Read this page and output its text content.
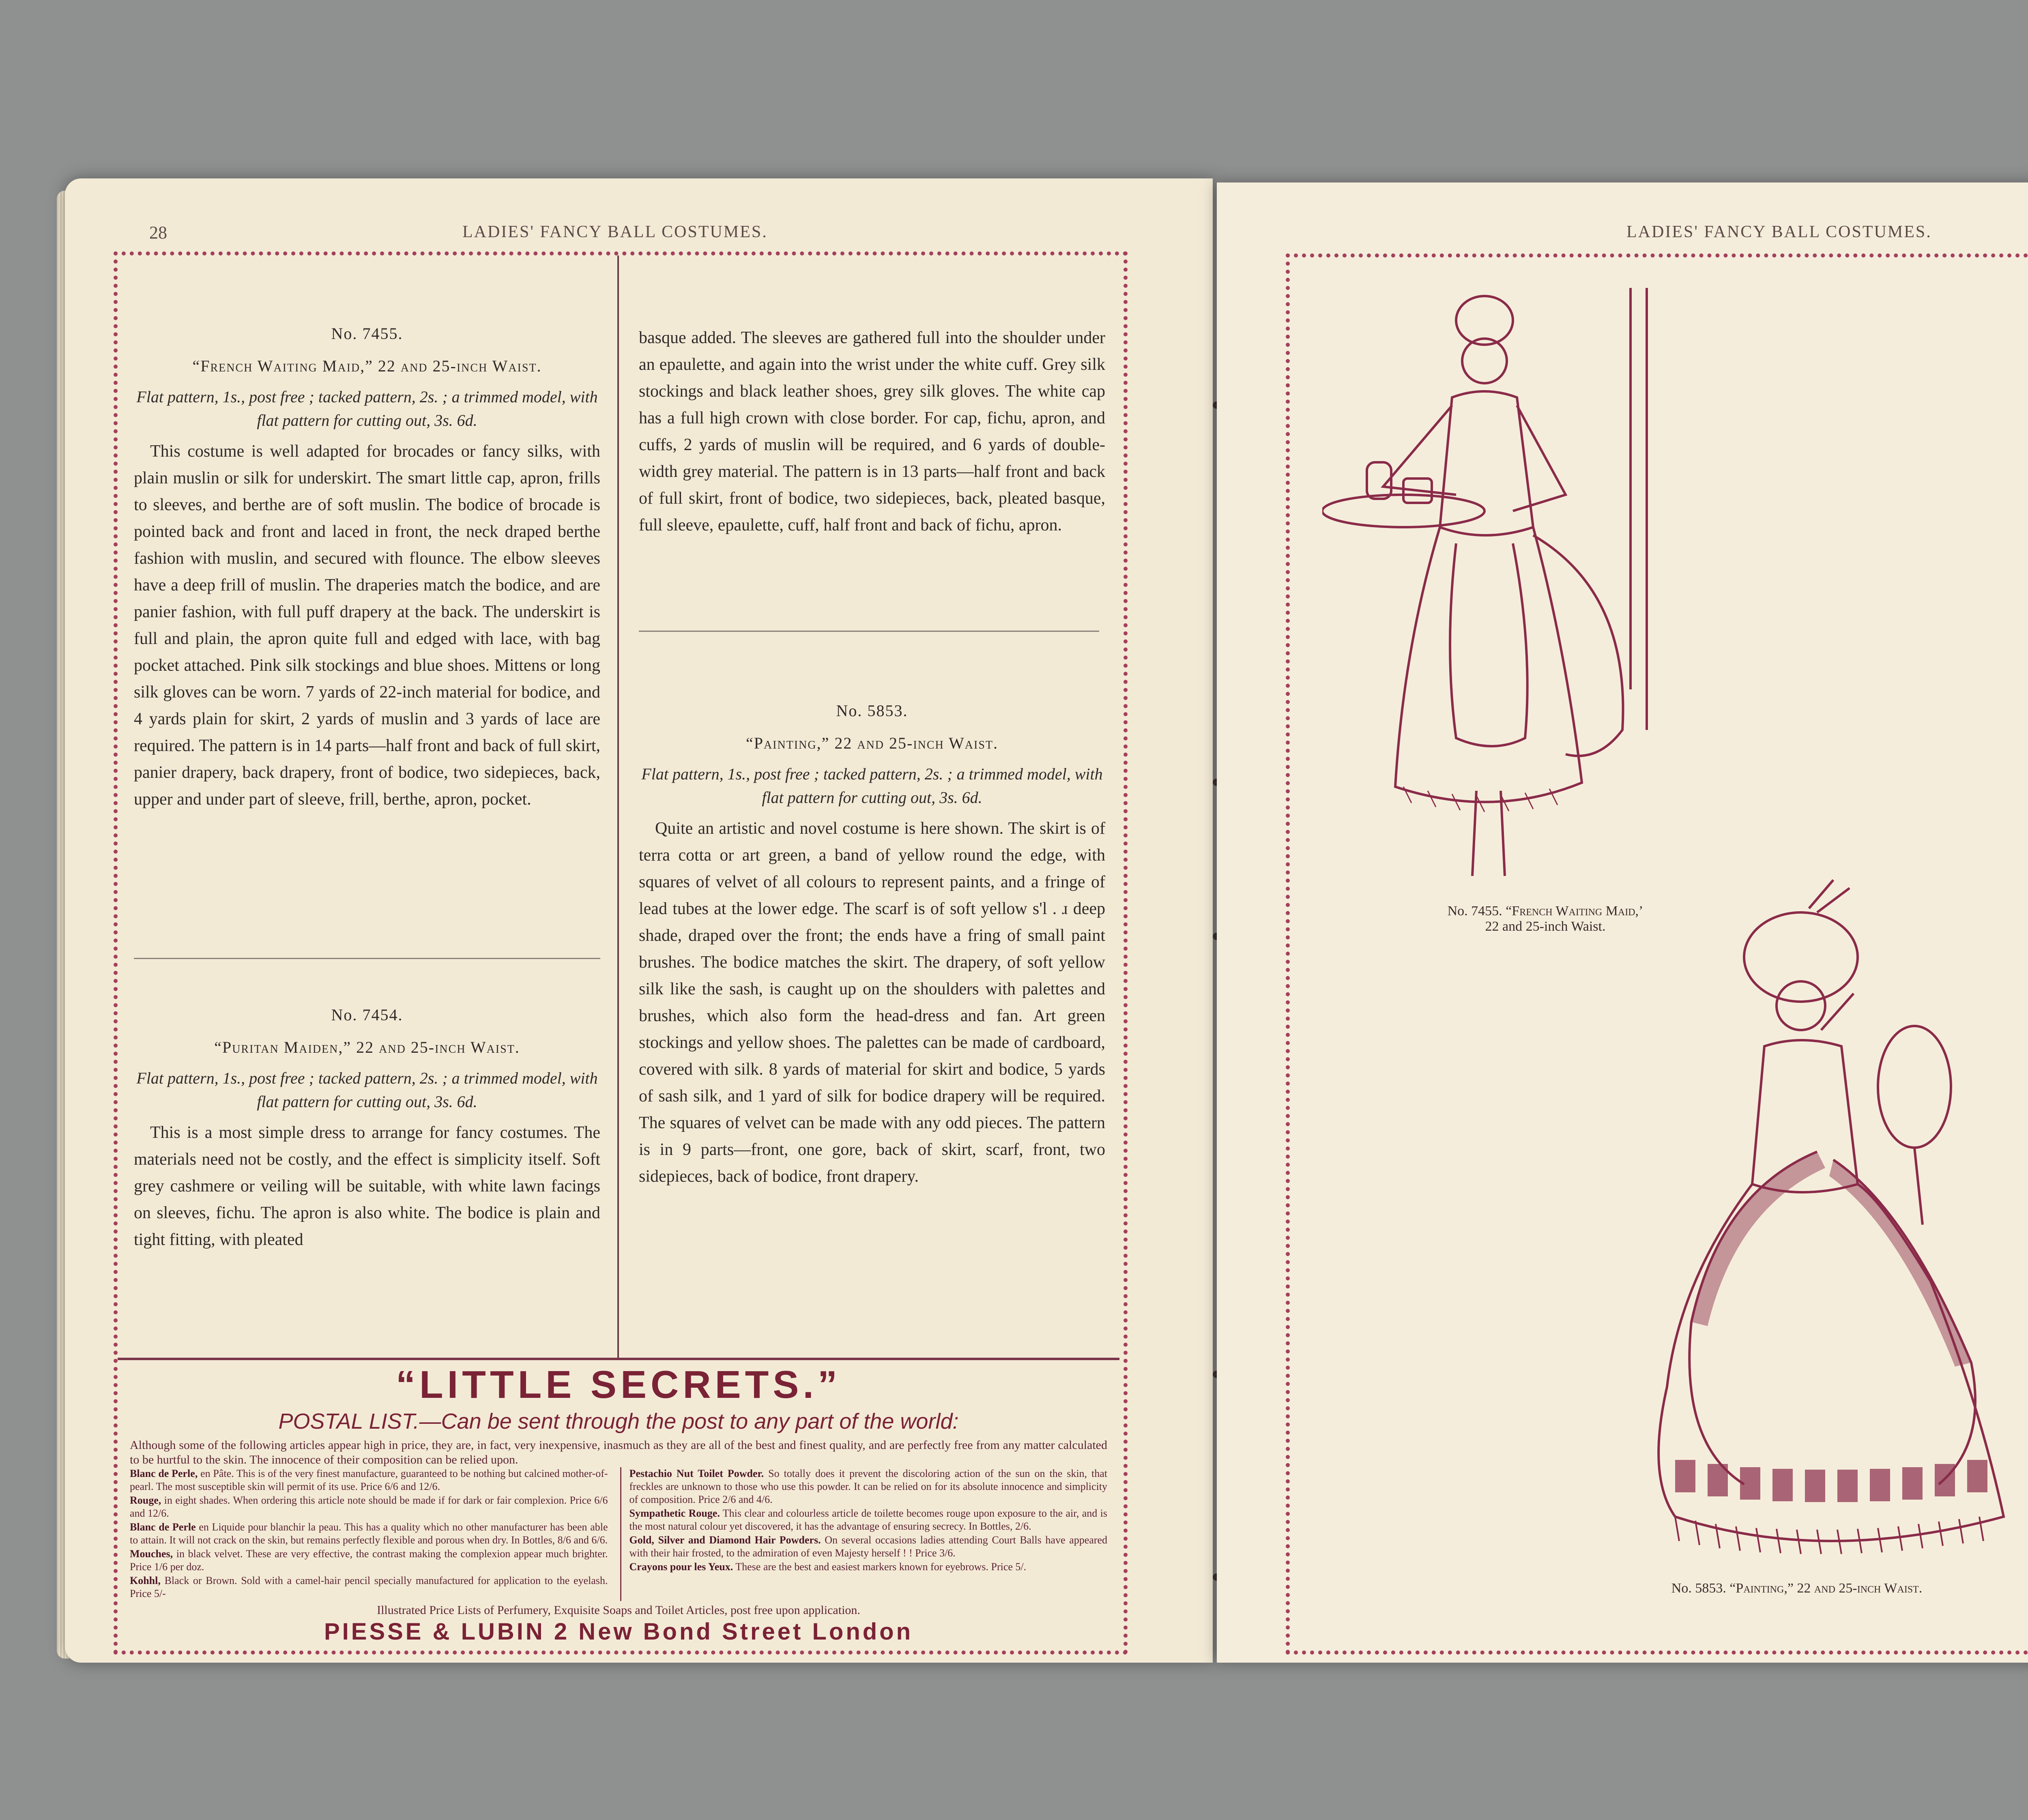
28	LADIES' FANCY BALL COSTUMES.
No. 7455.
“French Waiting Maid,” 22 and 25-inch Waist.
Flat pattern, 1s., post free ; tacked pattern, 2s. ; a trimmed model, with flat pattern for cutting out, 3s. 6d.
This costume is well adapted for brocades or fancy silks, with plain muslin or silk for underskirt. The smart little cap, apron, frills to sleeves, and berthe are of soft muslin. The bodice of brocade is pointed back and front and laced in front, the neck draped berthe fashion with muslin, and secured with flounce. The elbow sleeves have a deep frill of muslin. The draperies match the bodice, and are panier fashion, with full puff drapery at the back. The underskirt is full and plain, the apron quite full and edged with lace, with bag pocket attached. Pink silk stockings and blue shoes. Mittens or long silk gloves can be worn. 7 yards of 22-inch material for bodice, and 4 yards plain for skirt, 2 yards of muslin and 3 yards of lace are required. The pattern is in 14 parts—half front and back of full skirt, panier drapery, back drapery, front of bodice, two sidepieces, back, upper and under part of sleeve, frill, berthe, apron, pocket.
No. 7454.
“Puritan Maiden,” 22 and 25-inch Waist.
Flat pattern, 1s., post free ; tacked pattern, 2s. ; a trimmed model, with flat pattern for cutting out, 3s. 6d.
This is a most simple dress to arrange for fancy costumes. The materials need not be costly, and the effect is simplicity itself. Soft grey cashmere or veiling will be suitable, with white lawn facings on sleeves, fichu. The apron is also white. The bodice is plain and tight fitting, with pleated
basque added. The sleeves are gathered full into the shoulder under an epaulette, and again into the wrist under the white cuff. Grey silk stockings and black leather shoes, grey silk gloves. The white cap has a full high crown with close border. For cap, fichu, apron, and cuffs, 2 yards of muslin will be required, and 6 yards of double-width grey material. The pattern is in 13 parts—half front and back of full skirt, front of bodice, two sidepieces, back, pleated basque, full sleeve, epaulette, cuff, half front and back of fichu, apron.
No. 5853.
“Painting,” 22 and 25-inch Waist.
Flat pattern, 1s., post free ; tacked pattern, 2s. ; a trimmed model, with flat pattern for cutting out, 3s. 6d.
Quite an artistic and novel costume is here shown. The skirt is of terra cotta or art green, a band of yellow round the edge, with squares of velvet of all colours to represent paints, and a fringe of lead tubes at the lower edge. The scarf is of soft yellow s'l . ɹ deep shade, draped over the front; the ends have a fring of small paint brushes. The bodice matches the skirt. The drapery, of soft yellow silk like the sash, is caught up on the shoulders with palettes and brushes, which also form the head-dress and fan. Art green stockings and yellow shoes. The palettes can be made of cardboard, covered with silk. 8 yards of material for skirt and bodice, 5 yards of sash silk, and 1 yard of silk for bodice drapery will be required. The squares of velvet can be made with any odd pieces. The pattern is in 9 parts—front, one gore, back of skirt, scarf, front, two sidepieces, back of bodice, front drapery.
“LITTLE SECRETS.”
POSTAL LIST.—Can be sent through the post to any part of the world:
Although some of the following articles appear high in price, they are, in fact, very inexpensive, inasmuch as they are all of the best and finest quality, and are perfectly free from any matter calculated to be hurtful to the skin. The innocence of their composition can be relied upon.
Blanc de Perle, en Pâte. This is of the very finest manufacture, guaranteed to be nothing but calcined mother-of-pearl. The most susceptible skin will permit of its use. Price 6/6 and 12/6.
Rouge, in eight shades. When ordering this article note should be made if for dark or fair complexion. Price 6/6 and 12/6.
Blanc de Perle en Liquide pour blanchir la peau. This has a quality which no other manufacturer has been able to attain. It will not crack on the skin, but remains perfectly flexible and porous when dry. In Bottles, 8/6 and 6/6.
Mouches, in black velvet. These are very effective, the contrast making the complexion appear much brighter. Price 1/6 per doz.
Kohhl, Black or Brown. Sold with a camel-hair pencil specially manufactured for application to the eyelash. Price 5/-
Pestachio Nut Toilet Powder. So totally does it prevent the discoloring action of the sun on the skin, that freckles are unknown to those who use this powder. It can be relied on for its absolute innocence and simplicity of composition. Price 2/6 and 4/6.
Sympathetic Rouge. This clear and colourless article de toilette becomes rouge upon exposure to the air, and is the most natural colour yet discovered, it has the advantage of ensuring secrecy. In Bottles, 2/6.
Gold, Silver and Diamond Hair Powders. On several occasions ladies attending Court Balls have appeared with their hair frosted, to the admiration of even Majesty herself ! ! Price 3/6.
Crayons pour les Yeux. These are the best and easiest markers known for eyebrows. Price 5/.
Illustrated Price Lists of Perfumery, Exquisite Soaps and Toilet Articles, post free upon application.
PIESSE & LUBIN 2 New Bond Street London
LADIES' FANCY BALL COSTUMES.
No. 7455. “French Waiting Maid,’
22 and 25-inch Waist.

No. 5853. “Painting,” 22 and 25-inch Waist.
